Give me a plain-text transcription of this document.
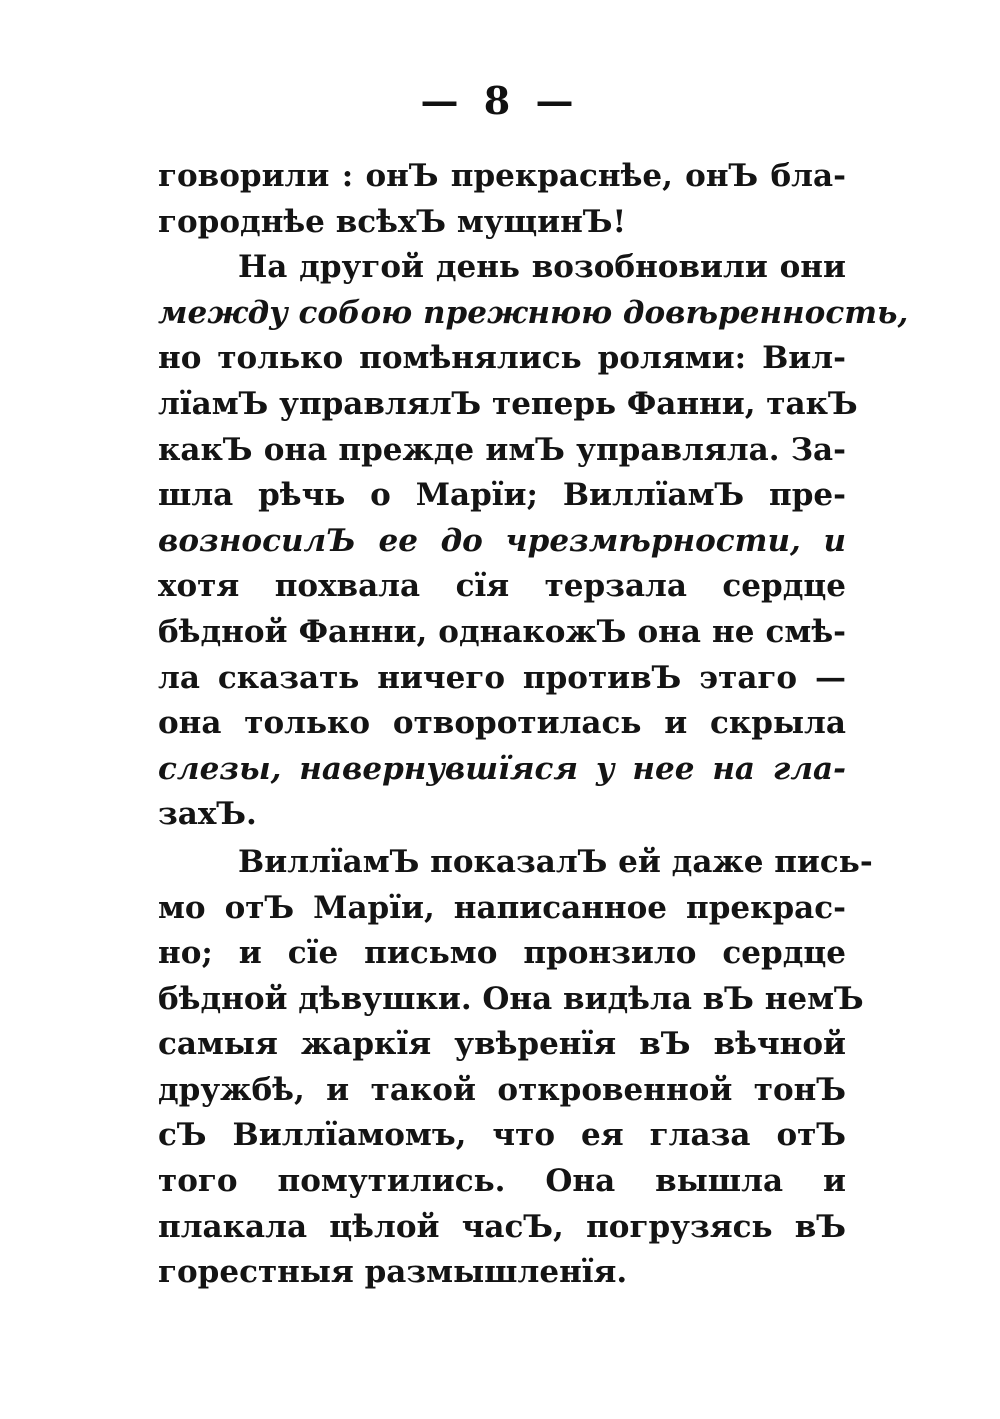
— 8 —
говорили : онЪ прекраснѣе, онЪ бла-
городнѣе всѣхЪ мущинЪ!
На другой день возобновили они
между собою прежнюю довѣренность,
но только помѣнялись ролями: Вил-
лїамЪ управлялЪ теперь Фанни, такЪ
какЪ она прежде имЪ управляла. За-
шла рѣчь о Марїи; ВиллїамЪ пре-
возносилЪ ее до чрезмѣрности, и
хотя похвала сїя терзала сердце
бѣдной Фанни, однакожЪ она не смѣ-
ла сказать ничего противЪ этаго —
она только отворотилась и скрыла
слезы, навернувшїяся у нее на гла-
захЪ.
ВиллїамЪ показалЪ ей даже пись-
мо отЪ Марїи, написанное прекрас-
но; и сїе письмо пронзило сердце
бѣдной дѣвушки. Она видѣла вЪ немЪ
самыя жаркїя увѣренїя вЪ вѣчной
дружбѣ, и такой откровенной тонЪ
сЪ Виллїамомъ, что ея глаза отЪ
того помутились. Она вышла и
плакала цѣлой часЪ, погрузясь вЪ
горестныя размышленїя.
